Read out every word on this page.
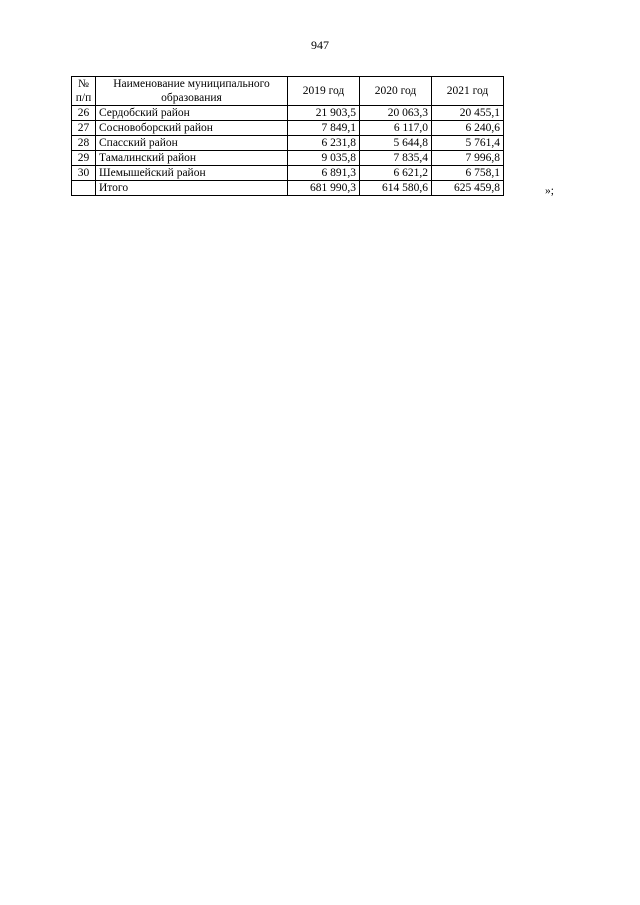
947
№ п/п	Наименование муниципального образования	2019 год	2020 год	2021 год
26	Сердобский район	21 903,5	20 063,3	20 455,1
27	Сосновоборский район	7 849,1	6 117,0	6 240,6
28	Спасский район	6 231,8	5 644,8	5 761,4
29	Тамалинский район	9 035,8	7 835,4	7 996,8
30	Шемышейский район	6 891,3	6 621,2	6 758,1
	Итого	681 990,3	614 580,6	625 459,8	»;
